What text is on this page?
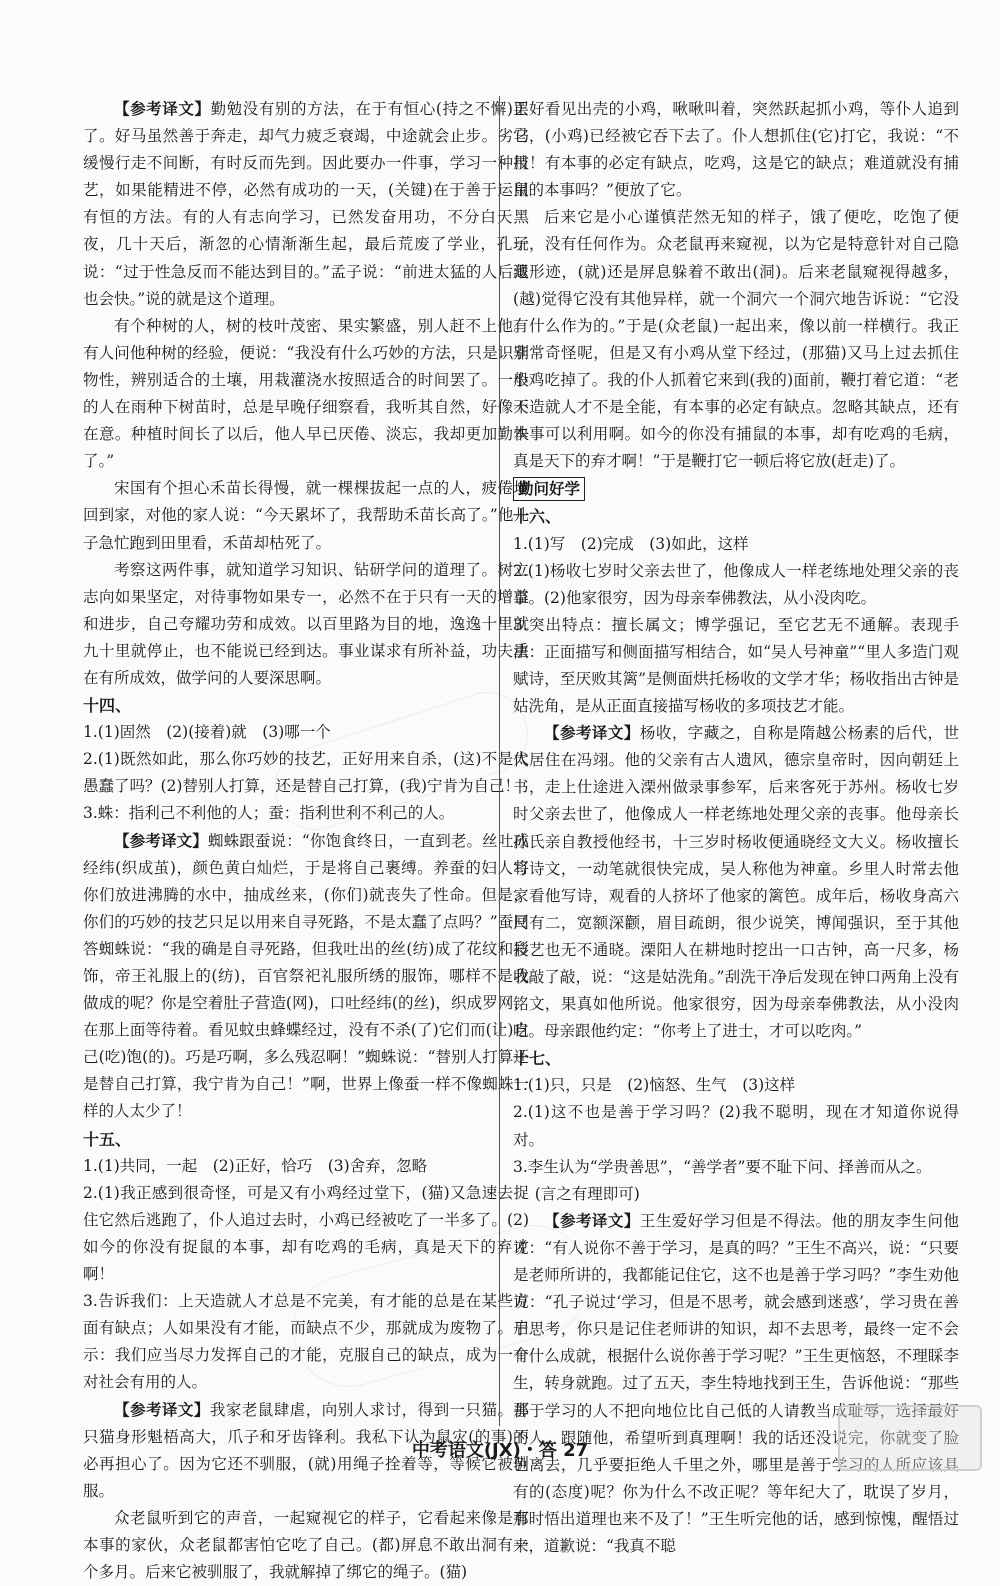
【参考译文】勤勉没有别的方法，在于有恒心(持之不懈)罢了。好马虽然善于奔走，却气力疲乏衰竭，中途就会止步。劣马缓慢行走不间断，有时反而先到。因此要办一件事，学习一种技艺，如果能精进不停，必然有成功的一天，(关键)在于善于运用有恒的方法。有的人有志向学习，已然发奋用功，不分白天黑夜，几十天后，渐忽的心情渐渐生起，最后荒废了学业，孔子说：“过于性急反而不能达到目的。”孟子说：“前进太猛的人后退也会快。”说的就是这个道理。

有个种树的人，树的枝叶茂密、果实繁盛，别人赶不上他。有人问他种树的经验，便说：“我没有什么巧妙的方法，只是识别物性，辨别适合的土壤，用栽灌浇水按照适合的时间罢了。一般的人在雨种下树苗时，总是早晚仔细察看，我听其自然，好像不在意。种植时间长了以后，他人早已厌倦、淡忘，我却更加勤快了。”

宋国有个担心禾苗长得慢，就一棵棵拔起一点的人，疲倦地回到家，对他的家人说：“今天累坏了，我帮助禾苗长高了。”他儿子急忙跑到田里看，禾苗却枯死了。

考察这两件事，就知道学习知识、钻研学问的道理了。树立志向如果坚定，对待事物如果专一，必然不在于只有一天的增益和进步，自己夸耀功劳和成效。以百里路为目的地，逸逸十里就九十里就停止，也不能说已经到达。事业谋求有所补益，功夫重在有所成效，做学问的人要深思啊。

十四、

1.(1)固然　(2)(接着)就　(3)哪一个

2.(1)既然如此，那么你巧妙的技艺，正好用来自杀，(这)不是太愚蠢了吗？(2)替别人打算，还是替自己打算，(我)宁肯为自己！

3.蛛：指利己不利他的人；蚕：指利世利不利己的人。

【参考译文】蜘蛛跟蚕说：“你饱食终日，一直到老。丝吐成经纬(织成茧)，颜色黄白灿烂，于是将自己裹缚。养蚕的妇人将你们放进沸腾的水中，抽成丝来，(你们)就丧失了性命。但是，你们的巧妙的技艺只足以用来自寻死路，不是太蠢了点吗？”蚕回答蜘蛛说：“我的确是自寻死路，但我吐出的丝(纺)成了花纹和彩饰，帝王礼服上的(纺)，百官祭祀礼服所绣的服饰，哪样不是我做成的呢？你是空着肚子营造(网)，口吐经纬(的丝)，织成罗网，在那上面等待着。看见蚊虫蜂蝶经过，没有不杀(了)它们而(让)自己(吃)饱(的)。巧是巧啊，多么残忍啊！”蜘蛛说：“替别人打算还是替自己打算，我宁肯为自己！”啊，世界上像蚕一样不像蜘蛛一样的人太少了！

十五、

1.(1)共同，一起　(2)正好，恰巧　(3)舍弃，忽略

2.(1)我正感到很奇怪，可是又有小鸡经过堂下，(猫)又急速去捉住它然后逃跑了，仆人追过去时，小鸡已经被吃了一半多了。(2)如今的你没有捉鼠的本事，却有吃鸡的毛病，真是天下的弃才啊！

3.告诉我们：上天造就人才总是不完美，有才能的总是在某些方面有缺点；人如果没有才能，而缺点不少，那就成为废物了。启示：我们应当尽力发挥自己的才能，克服自己的缺点，成为一个对社会有用的人。

【参考译文】我家老鼠肆虐，向别人求讨，得到一只猫。那只猫身形魁梧高大，爪子和牙齿锋利。我私下认为鼠灾(的事)不必再担心了。因为它还不驯服，(就)用绳子拴着等，等候它被驯服。

众老鼠听到它的声音，一起窥视它的样子，它看起来像是有本事的家伙，众老鼠都害怕它吃了自己。(都)屏息不敢出洞有一个多月。后来它被驯服了，我就解掉了绑它的绳子。(猫)

正好看见出壳的小鸡，啾啾叫着，突然跃起抓小鸡，等仆人追到它，(小鸡)已经被它吞下去了。仆人想抓住(它)打它，我说：“不用！有本事的必定有缺点，吃鸡，这是它的缺点；难道就没有捕鼠的本事吗？”便放了它。

后来它是小心谨慎茫然无知的样子，饿了便吃，吃饱了便玩，没有任何作为。众老鼠再来窥视，以为它是特意针对自己隐藏形迹，(就)还是屏息躲着不敢出(洞)。后来老鼠窥视得越多，(越)觉得它没有其他异样，就一个洞穴一个洞穴地告诉说：“它没有什么作为的。”于是(众老鼠)一起出来，像以前一样横行。我正非常奇怪呢，但是又有小鸡从堂下经过，(那猫)又马上过去抓住小鸡吃掉了。我的仆人抓着它来到(我的)面前，鞭打着它道：“老天造就人才不是全能，有本事的必定有缺点。忽略其缺点，还有本事可以利用啊。如今的你没有捕鼠的本事，却有吃鸡的毛病，真是天下的弃才啊！”于是鞭打它一顿后将它放(赶走)了。

勤问好学

十六、

1.(1)写　(2)完成　(3)如此，这样

2.(1)杨收七岁时父亲去世了，他像成人一样老练地处理父亲的丧事。(2)他家很穷，因为母亲奉佛教法，从小没肉吃。

3.突出特点：擅长属文；博学强记，至它艺无不通解。表现手法：正面描写和侧面描写相结合，如“吴人号神童”“里人多造门观赋诗，至厌败其篱”是侧面烘托杨收的文学才华；杨收指出古钟是姑洗角，是从正面直接描写杨收的多项技艺才能。

【参考译文】杨收，字藏之，自称是隋越公杨素的后代，世代居住在冯翊。他的父亲有古人遗风，德宗皇帝时，因向朝廷上书，走上仕途进入溧州做录事参军，后来客死于苏州。杨收七岁时父亲去世了，他像成人一样老练地处理父亲的丧事。他母亲长孙氏亲自教授他经书，十三岁时杨收便通晓经文大义。杨收擅长写诗文，一动笔就很快完成，吴人称他为神童。乡里人时常去他家看他写诗，观看的人挤坏了他家的篱笆。成年后，杨收身高六尺有二，宽额深颧，眉目疏朗，很少说笑，博闻强识，至于其他技艺也无不通晓。溧阳人在耕地时挖出一口古钟，高一尺多，杨收敲了敲，说：“这是姑洗角。”刮洗干净后发现在钟口两角上没有铭文，果真如他所说。他家很穷，因为母亲奉佛教法，从小没肉吃。母亲跟他约定：“你考上了进士，才可以吃肉。”

十七、

1.(1)只，只是　(2)恼怒、生气　(3)这样

2.(1)这不也是善于学习吗？(2)我不聪明，现在才知道你说得对。

3.李生认为“学贵善思”，“善学者”要不耻下问、择善而从之。

(言之有理即可)

【参考译文】王生爱好学习但是不得法。他的朋友李生问他说：“有人说你不善于学习，是真的吗？”王生不高兴，说：“只要是老师所讲的，我都能记住它，这不也是善于学习吗？”李生劝他说：“孔子说过‘学习，但是不思考，就会感到迷惑’，学习贵在善于思考，你只是记住老师讲的知识，却不去思考，最终一定不会有什么成就，根据什么说你善于学习呢？”王生更恼怒，不理睬李生，转身就跑。过了五天，李生特地找到王生，告诉他说：“那些善于学习的人不把向地位比自己低的人请教当成耻辱，选择最好的人，跟随他，希望听到真理啊！我的话还没说完，你就变了脸色离去，几乎要拒绝人千里之外，哪里是善于学习的人所应该具有的(态度)呢？你为什么不改正呢？等年纪大了，耽误了岁月，那时悟出道理也来不及了！”王生听完他的话，感到惊愧，醒悟过来，道歉说：“我真不聪

中考语文(JX)・答 27
